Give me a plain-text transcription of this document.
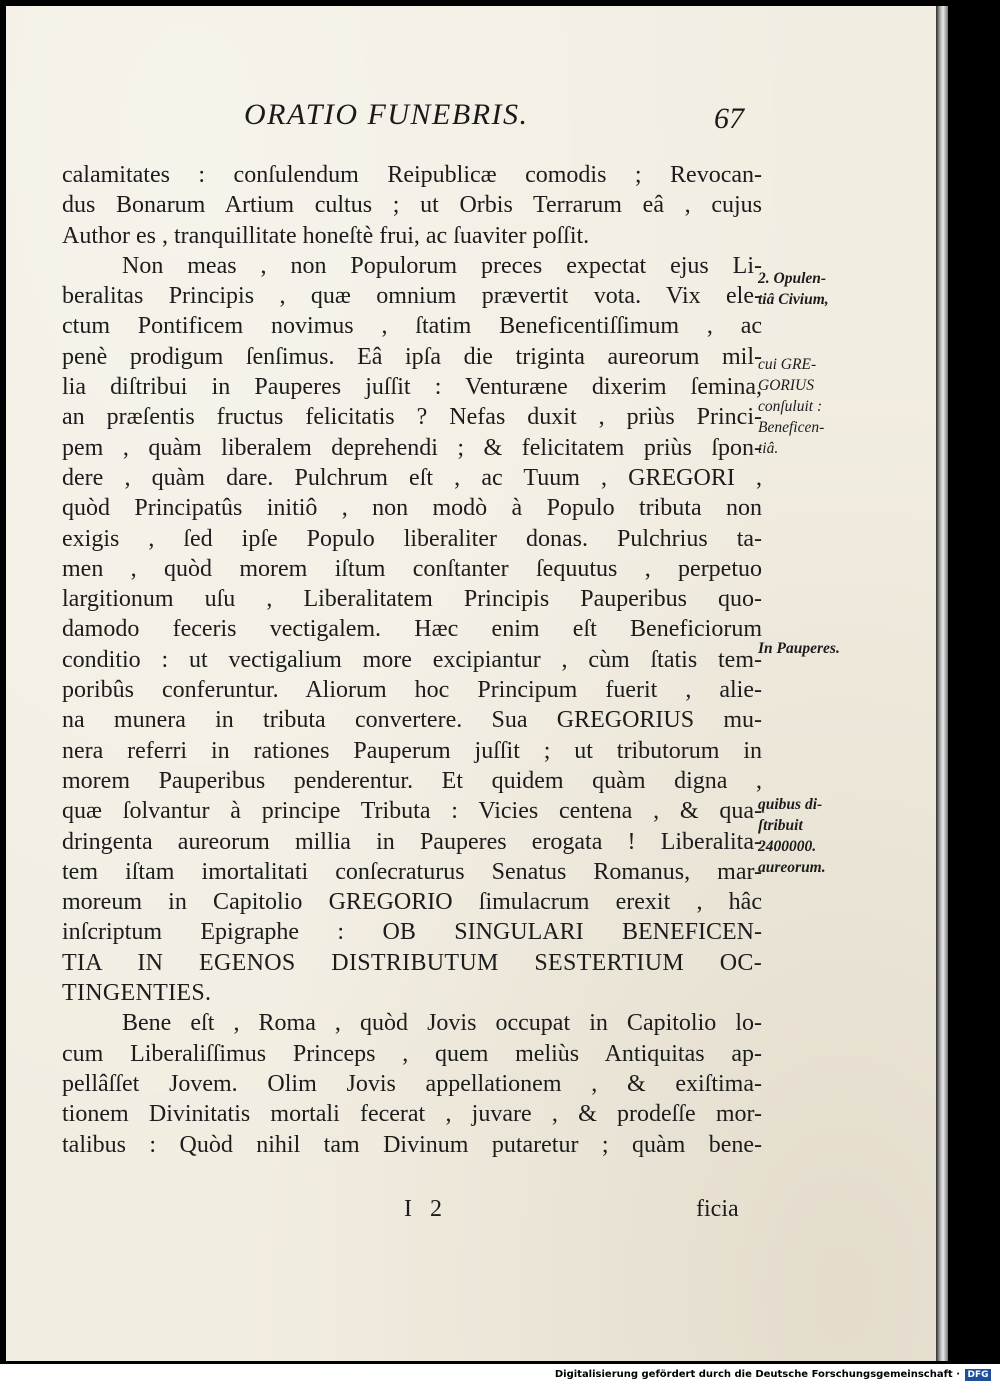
ORATIO FUNEBRIS.	67
calamitates : conſulendum Reipublicæ comodis ; Revocan-
dus Bonarum Artium cultus ; ut Orbis Terrarum eâ , cujus
Author es , tranquillitate honeſtè frui, ac ſuaviter poſſit.
Non meas , non Populorum preces expectat ejus Li-
beralitas Principis , quæ omnium prævertit vota. Vix ele-
ctum Pontificem novimus , ſtatim Beneficentiſſimum , ac
penè prodigum ſenſimus. Eâ ipſa die triginta aureorum mil-
lia diſtribui in Pauperes juſſit : Venturæne dixerim ſemina,
an præſentis fructus felicitatis ? Nefas duxit , priùs Princi-
pem , quàm liberalem deprehendi ; & felicitatem priùs ſpon-
dere , quàm dare. Pulchrum eſt , ac Tuum , GREGORI ,
quòd Principatûs initiô , non modò à Populo tributa non
exigis , ſed ipſe Populo liberaliter donas. Pulchrius ta-
men , quòd morem iſtum conſtanter ſequutus , perpetuo
largitionum uſu , Liberalitatem Principis Pauperibus quo-
damodo feceris vectigalem. Hæc enim eſt Beneficiorum
conditio : ut vectigalium more excipiantur , cùm ſtatis tem-
poribûs conferuntur. Aliorum hoc Principum fuerit , alie-
na munera in tributa convertere. Sua GREGORIUS mu-
nera referri in rationes Pauperum juſſit ; ut tributorum in
morem Pauperibus penderentur. Et quidem quàm digna ,
quæ ſolvantur à principe Tributa : Vicies centena , & qua-
dringenta aureorum millia in Pauperes erogata ! Liberalita-
tem iſtam imortalitati conſecraturus Senatus Romanus, mar-
moreum in Capitolio GREGORIO ſimulacrum erexit , hâc
inſcriptum Epigraphe : OB SINGULARI BENEFICEN-
TIA IN EGENOS DISTRIBUTUM SESTERTIUM OC-
TINGENTIES.
Bene eſt , Roma , quòd Jovis occupat in Capitolio lo-
cum Liberaliſſimus Princeps , quem meliùs Antiquitas ap-
pellâſſet Jovem. Olim Jovis appellationem , & exiſtima-
tionem Divinitatis mortali fecerat , juvare , & prodeſſe mor-
talibus : Quòd nihil tam Divinum putaretur ; quàm bene-
2. Opulen-
tiâ Civium,
cui GRE-
GORIUS
conſuluit :
Beneficen-
tiâ.
In Pauperes.
quibus di-
ſtribuit
2400000.
aureorum.
I 2	ficia
Digitalisierung gefördert durch die Deutsche Forschungsgemeinschaft · DFG
